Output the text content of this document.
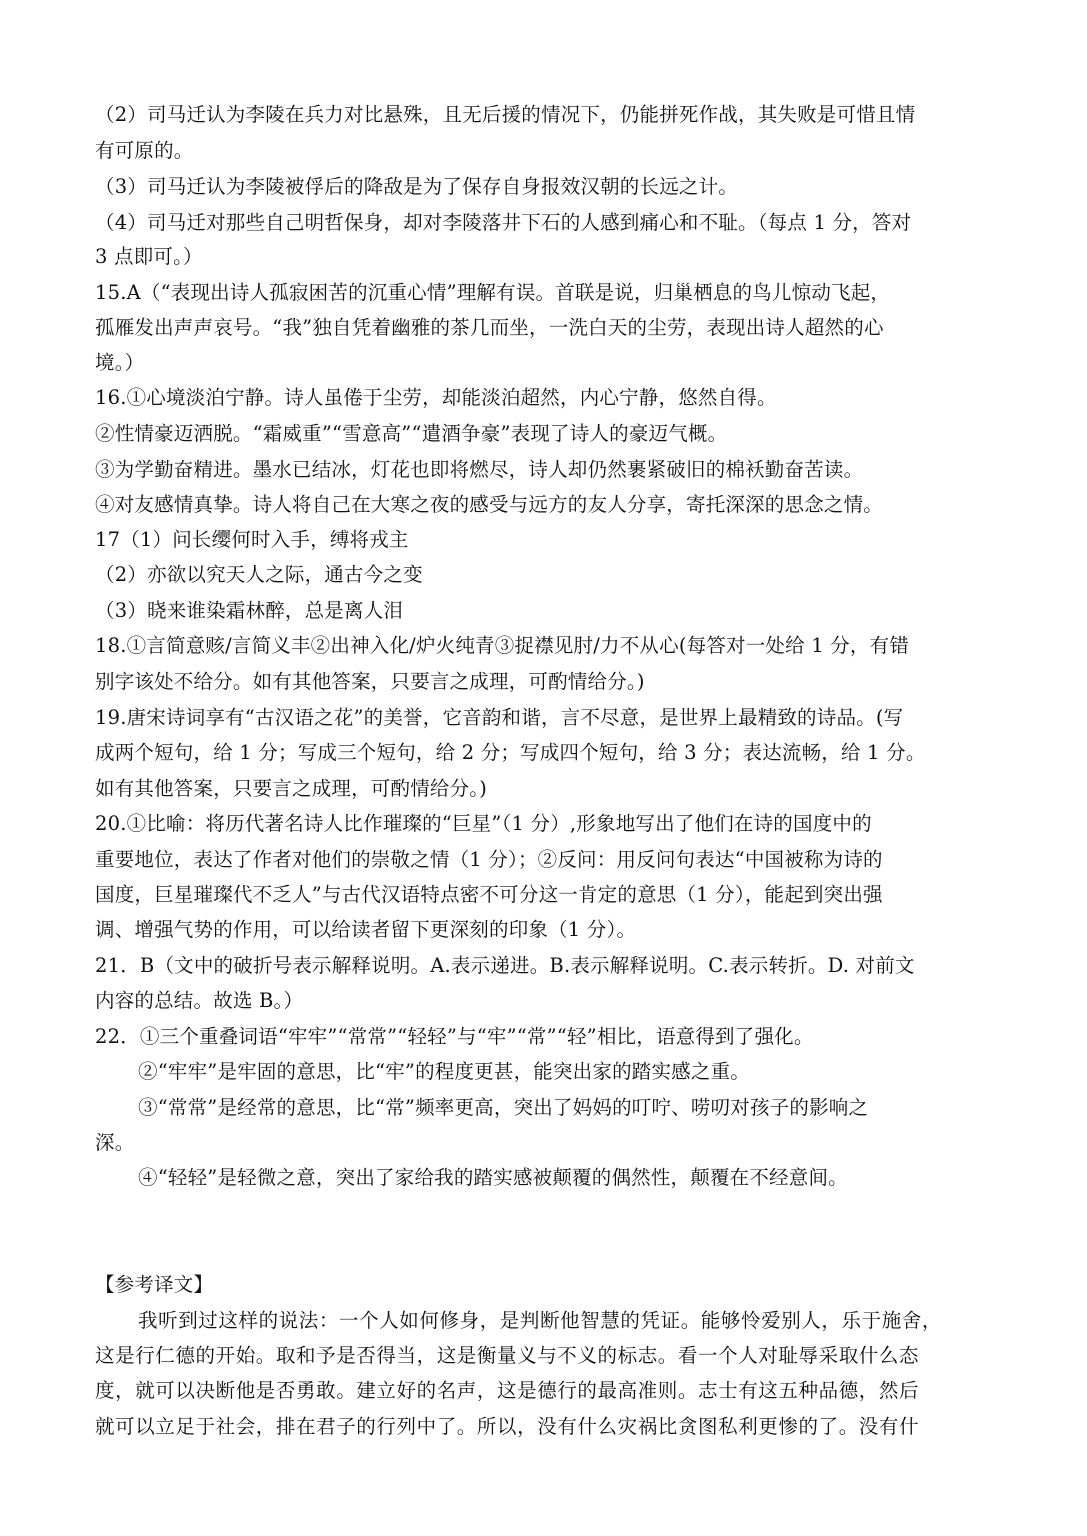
（2）司马迁认为李陵在兵力对比悬殊，且无后援的情况下，仍能拼死作战，其失败是可惜且情
有可原的。
（3）司马迁认为李陵被俘后的降敌是为了保存自身报效汉朝的长远之计。
（4）司马迁对那些自己明哲保身，却对李陵落井下石的人感到痛心和不耻。（每点 1 分，答对
3 点即可。）
15.A（“表现出诗人孤寂困苦的沉重心情”理解有误。首联是说，归巢栖息的鸟儿惊动飞起，
孤雁发出声声哀号。“我”独自凭着幽雅的茶几而坐，一洗白天的尘劳，表现出诗人超然的心
境。）
16.①心境淡泊宁静。诗人虽倦于尘劳，却能淡泊超然，内心宁静，悠然自得。
②性情豪迈洒脱。“霜威重”“雪意高”“遣酒争豪”表现了诗人的豪迈气概。
③为学勤奋精进。墨水已结冰，灯花也即将燃尽，诗人却仍然裹紧破旧的棉袄勤奋苦读。
④对友感情真挚。诗人将自己在大寒之夜的感受与远方的友人分享，寄托深深的思念之情。
17（1）问长缨何时入手，缚将戎主
（2）亦欲以究天人之际，通古今之变
（3）晓来谁染霜林醉，总是离人泪
18.①言简意赅/言简义丰②出神入化/炉火纯青③捉襟见肘/力不从心(每答对一处给 1 分，有错
别字该处不给分。如有其他答案，只要言之成理，可酌情给分。)
19.唐宋诗词享有“古汉语之花”的美誉，它音韵和谐，言不尽意，是世界上最精致的诗品。(写
成两个短句，给 1 分；写成三个短句，给 2 分；写成四个短句，给 3 分；表达流畅，给 1 分。
如有其他答案，只要言之成理，可酌情给分。)
20.①比喻：将历代著名诗人比作璀璨的“巨星”（1 分）,形象地写出了他们在诗的国度中的
重要地位，表达了作者对他们的崇敬之情（1 分）；②反问：用反问句表达“中国被称为诗的
国度，巨星璀璨代不乏人”与古代汉语特点密不可分这一肯定的意思（1 分），能起到突出强
调、增强气势的作用，可以给读者留下更深刻的印象（1 分）。
21．B（文中的破折号表示解释说明。A.表示递进。B.表示解释说明。C.表示转折。D. 对前文
内容的总结。故选 B。）
22．①三个重叠词语“牢牢”“常常”“轻轻”与“牢”“常”“轻”相比，语意得到了强化。
②“牢牢”是牢固的意思，比“牢”的程度更甚，能突出家的踏实感之重。
③“常常”是经常的意思，比“常”频率更高，突出了妈妈的叮咛、唠叨对孩子的影响之
深。
④“轻轻”是轻微之意，突出了家给我的踏实感被颠覆的偶然性，颠覆在不经意间。
【参考译文】
我听到过这样的说法：一个人如何修身，是判断他智慧的凭证。能够怜爱别人，乐于施舍，
这是行仁德的开始。取和予是否得当，这是衡量义与不义的标志。看一个人对耻辱采取什么态
度，就可以决断他是否勇敢。建立好的名声，这是德行的最高准则。志士有这五种品德，然后
就可以立足于社会，排在君子的行列中了。所以，没有什么灾祸比贪图私利更惨的了。没有什
